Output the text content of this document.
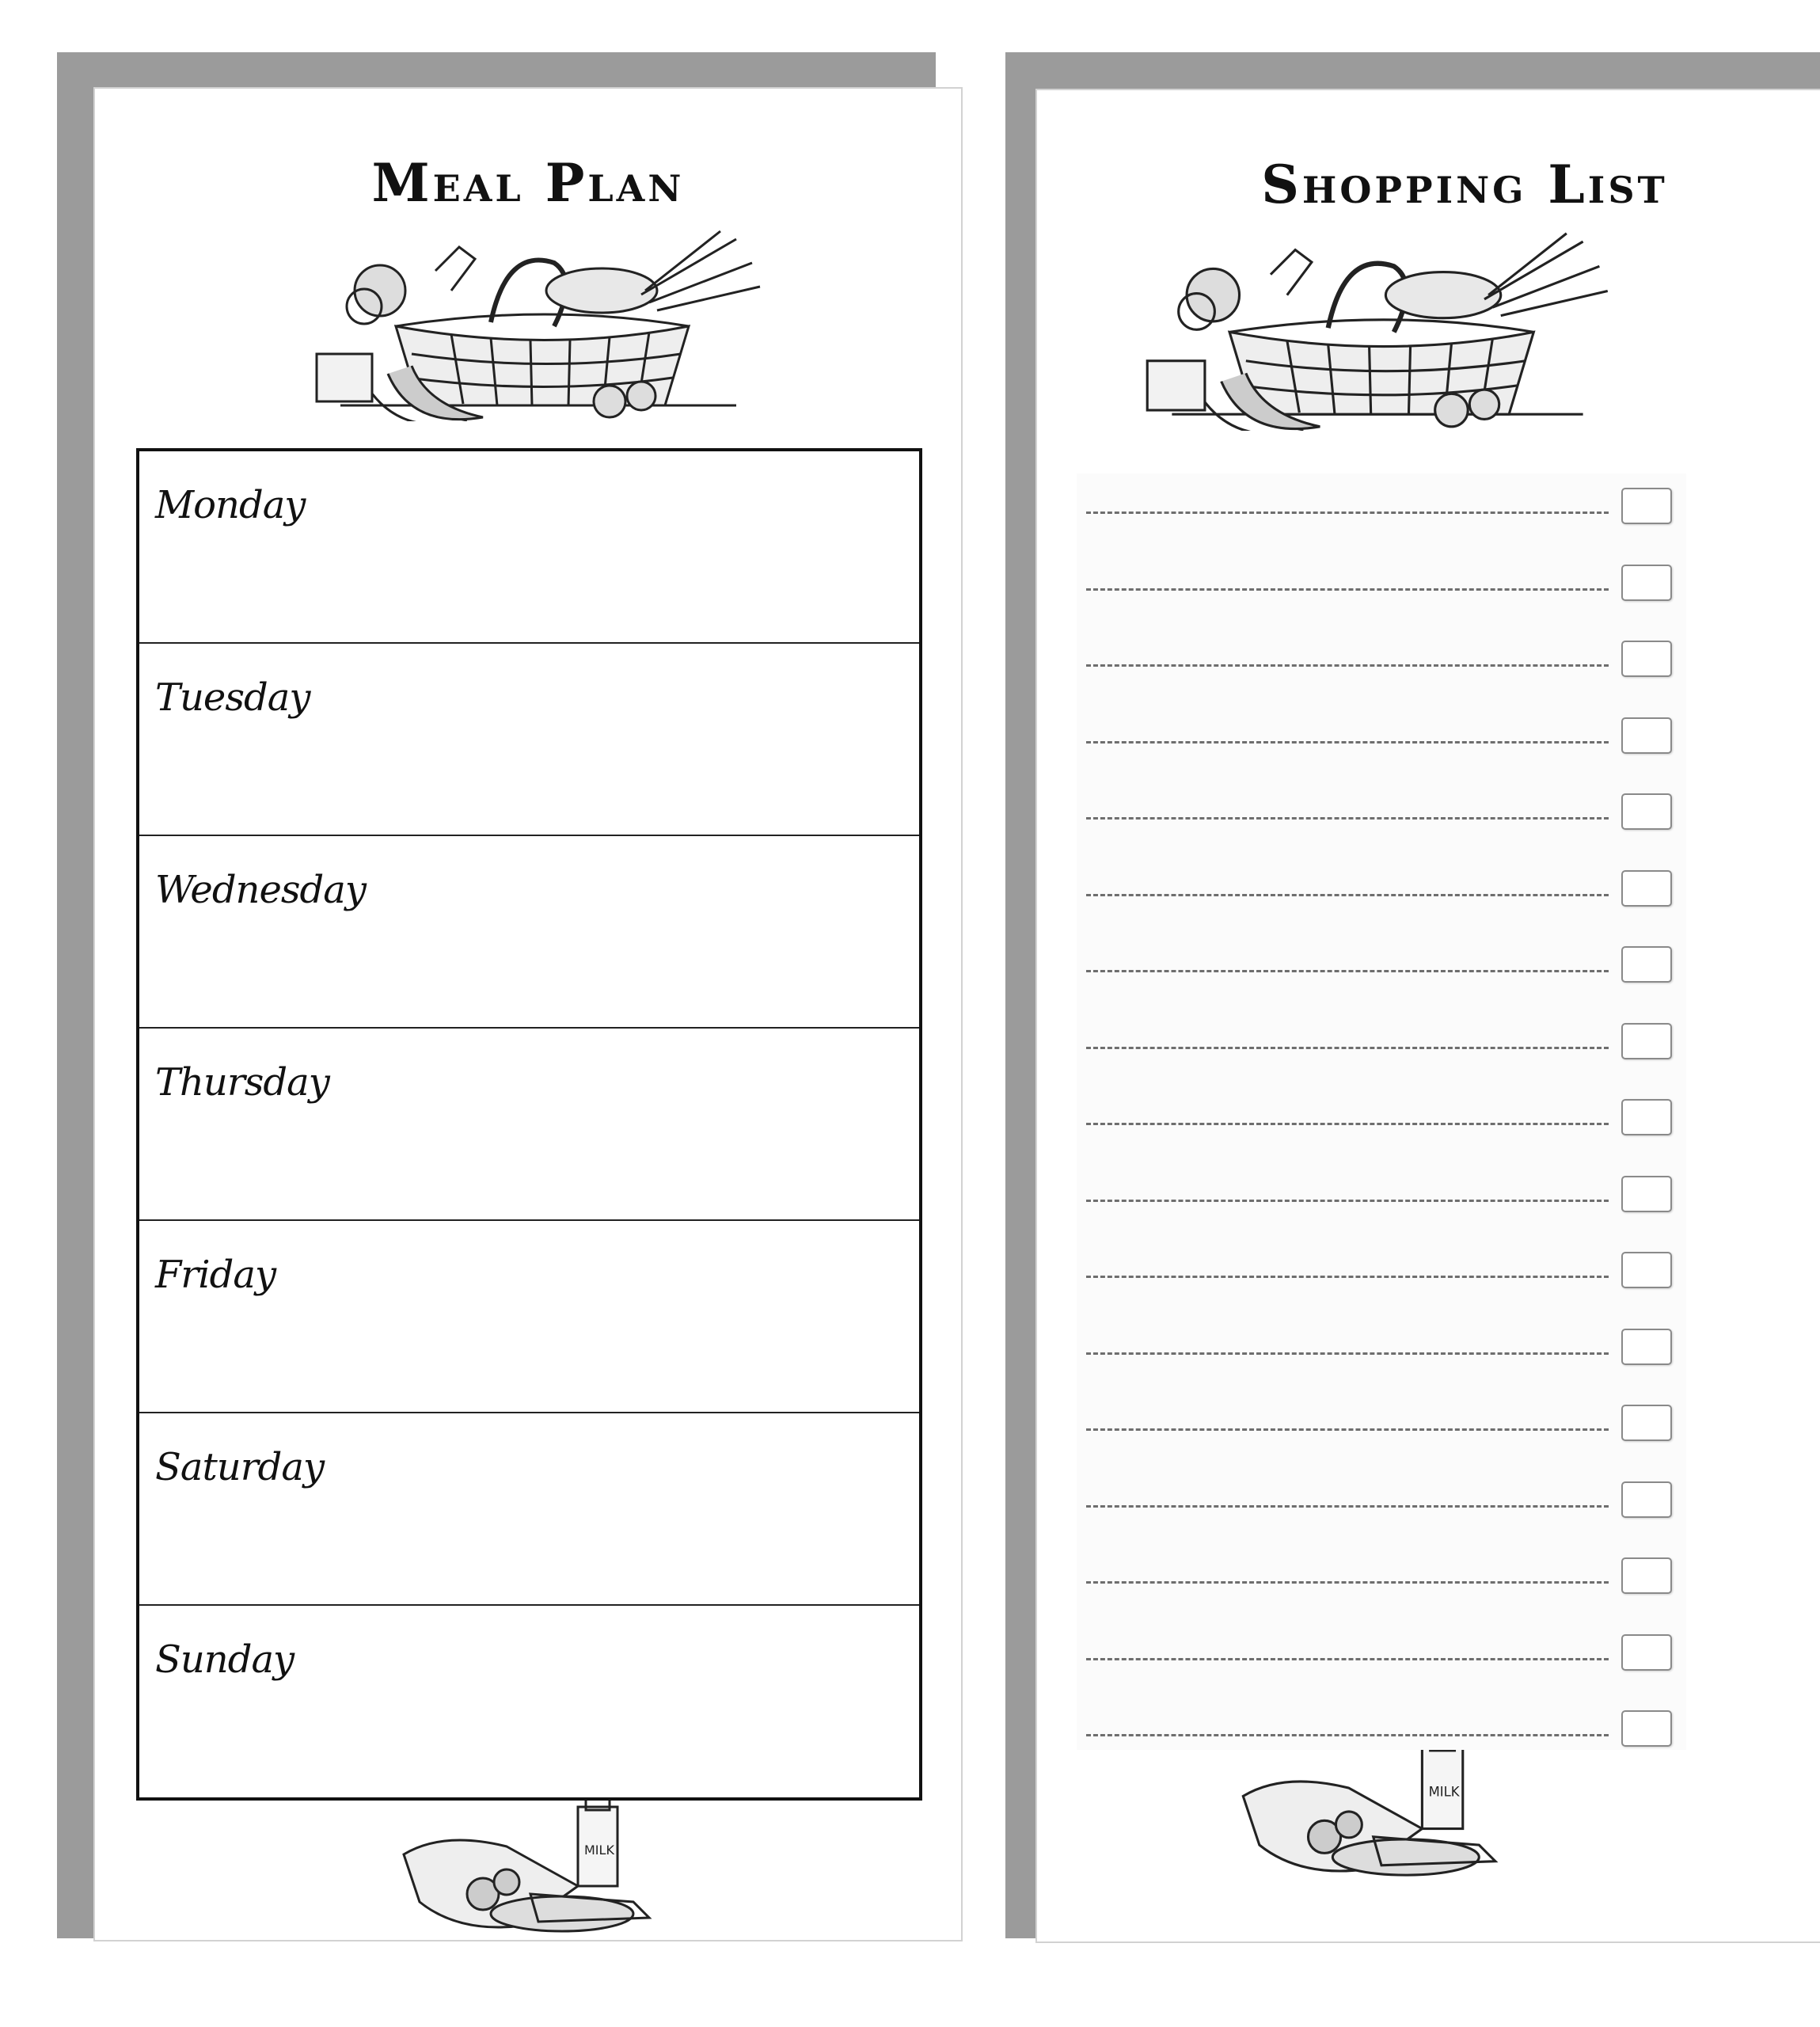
Meal Plan
MILK
Monday
Tuesday
Wednesday
Thursday
Friday
Saturday
Sunday
Shopping List
MILK
